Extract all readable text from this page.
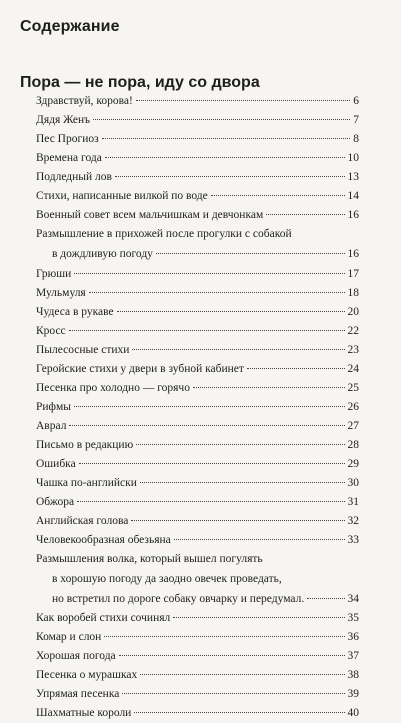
Содержание
Пора — не пора, иду со двора
Здравствуй, корова!	6
Дядя Женъ	7
Пес Прогиоз	8
Времена года	10
Подледный лов	13
Стихи, написанные вилкой по воде	14
Военный совет всем мальчишкам и девчонкам	16
Размышление в прихожей после прогулки с собакой
в дождливую погоду	16
Грюши	17
Мульмуля	18
Чудеса в рукаве	20
Кросс	22
Пылесосные стихи	23
Геройские стихи у двери в зубной кабинет	24
Песенка про холодно — горячо	25
Рифмы	26
Аврал	27
Письмо в редакцию	28
Ошибка	29
Чашка по-английски	30
Обжора	31
Английская голова	32
Человекообразная обезьяна	33
Размышления волка, который вышел погулять
в хорошую погоду да заодно овечек проведать,
но встретил по дороге собаку овчарку и передумал.	34
Как воробей стихи сочинял	35
Комар и слон	36
Хорошая погода	37
Песенка о мурашках	38
Упрямая песенка	39
Шахматные короли	40
